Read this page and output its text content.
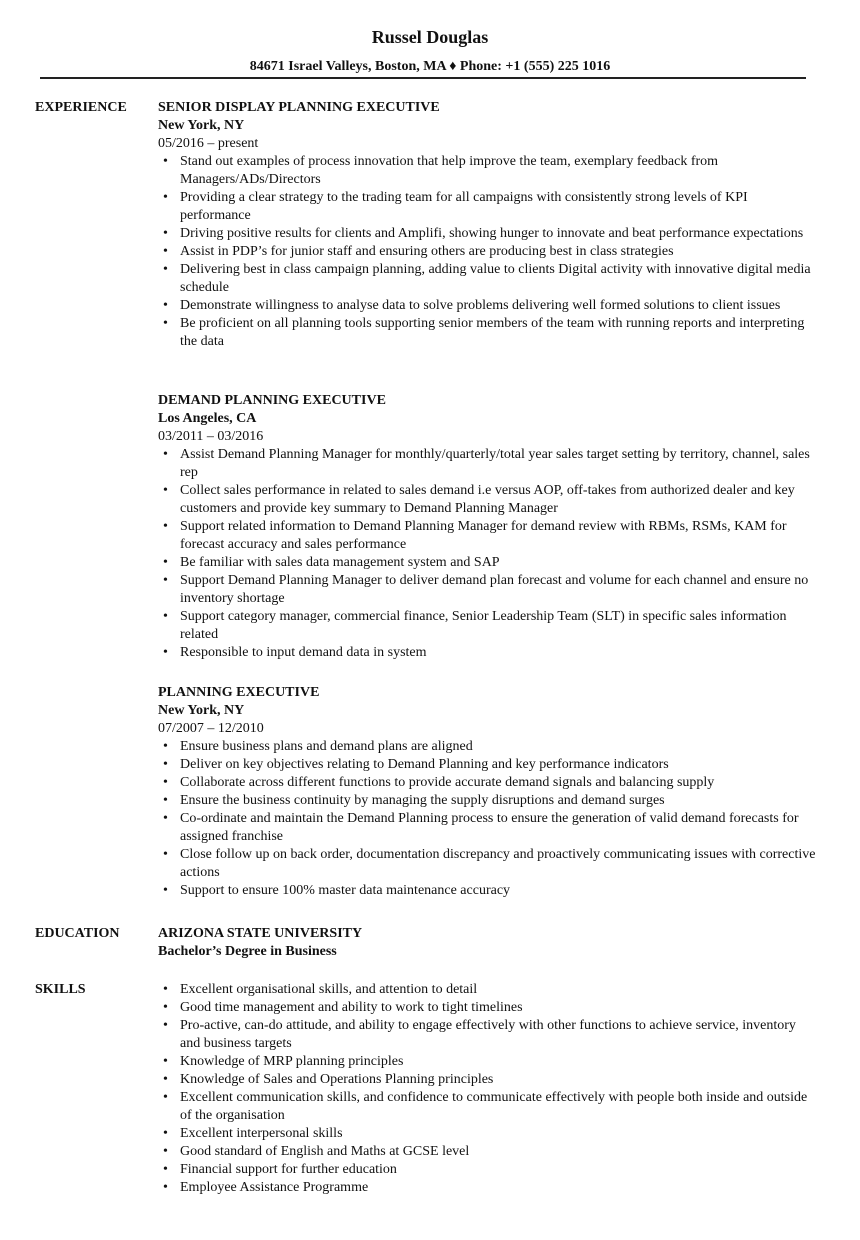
Russel Douglas
84671 Israel Valleys, Boston, MA ♦ Phone: +1 (555) 225 1016
EXPERIENCE SENIOR DISPLAY PLANNING EXECUTIVE
New York, NY
05/2016 – present
• Stand out examples of process innovation that help improve the team, exemplary feedback from Managers/ADs/Directors
• Providing a clear strategy to the trading team for all campaigns with consistently strong levels of KPI performance
• Driving positive results for clients and Amplifi, showing hunger to innovate and beat performance expectations
• Assist in PDP’s for junior staff and ensuring others are producing best in class strategies
• Delivering best in class campaign planning, adding value to clients Digital activity with innovative digital media schedule
• Demonstrate willingness to analyse data to solve problems delivering well formed solutions to client issues
• Be proficient on all planning tools supporting senior members of the team with running reports and interpreting the data
DEMAND PLANNING EXECUTIVE
Los Angeles, CA
03/2011 – 03/2016
• Assist Demand Planning Manager for monthly/quarterly/total year sales target setting by territory, channel, sales rep
• Collect sales performance in related to sales demand i.e versus AOP, off-takes from authorized dealer and key customers and provide key summary to Demand Planning Manager
• Support related information to Demand Planning Manager for demand review with RBMs, RSMs, KAM for forecast accuracy and sales performance
• Be familiar with sales data management system and SAP
• Support Demand Planning Manager to deliver demand plan forecast and volume for each channel and ensure no inventory shortage
• Support category manager, commercial finance, Senior Leadership Team (SLT) in specific sales information related
• Responsible to input demand data in system
PLANNING EXECUTIVE
New York, NY
07/2007 – 12/2010
• Ensure business plans and demand plans are aligned
• Deliver on key objectives relating to Demand Planning and key performance indicators
• Collaborate across different functions to provide accurate demand signals and balancing supply
• Ensure the business continuity by managing the supply disruptions and demand surges
• Co-ordinate and maintain the Demand Planning process to ensure the generation of valid demand forecasts for assigned franchise
• Close follow up on back order, documentation discrepancy and proactively communicating issues with corrective actions
• Support to ensure 100% master data maintenance accuracy
EDUCATION	ARIZONA STATE UNIVERSITY
Bachelor’s Degree in Business
SKILLS
•	Excellent organisational skills, and attention to detail
• Good time management and ability to work to tight timelines
• Pro-active, can-do attitude, and ability to engage effectively with other functions to achieve service, inventory and business targets
• Knowledge of MRP planning principles
• Knowledge of Sales and Operations Planning principles
• Excellent communication skills, and confidence to communicate effectively with people both inside and outside of the organisation
• Excellent interpersonal skills
• Good standard of English and Maths at GCSE level
• Financial support for further education
• Employee Assistance Programme
